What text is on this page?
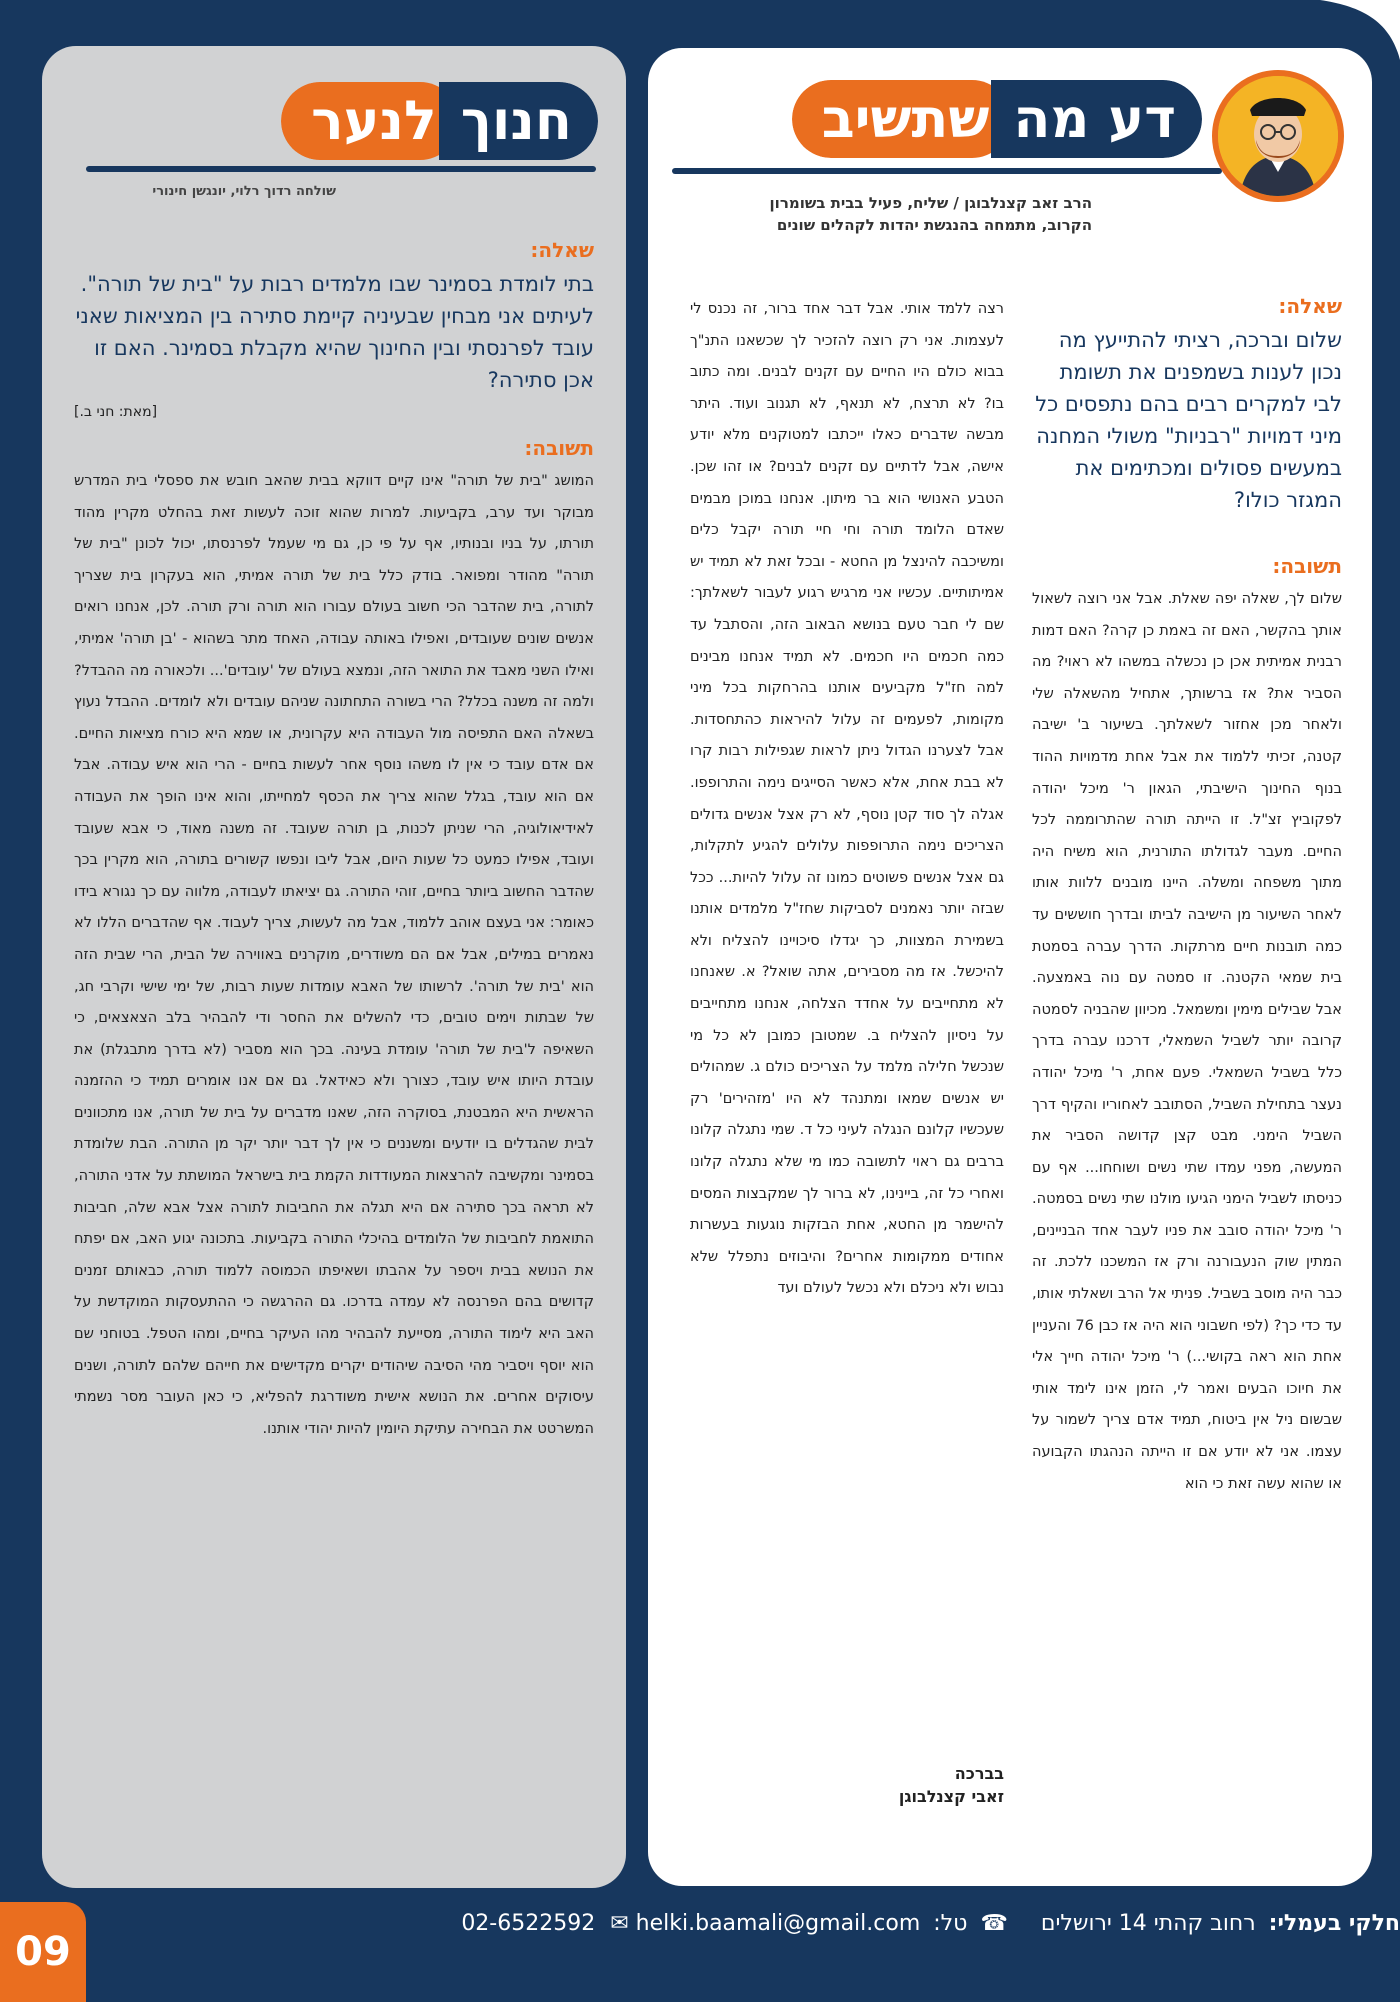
דע מה
שתשיב
הרב זאב קצנלבוגן / שליח, פעיל בבית בשומרון
הקרוב, מתמחה בהנגשת יהדות לקהלים שונים

שאלה:

שלום וברכה, רציתי להתייעץ מה נכון לענות בשמפנים את תשומת לבי למקרים רבים בהם נתפסים כל מיני דמויות "רבניות" משולי המחנה במעשים פסולים ומכתימים את המגזר כולו?

תשובה:

שלום לך, שאלה יפה שאלת. אבל אני רוצה לשאול אותך בהקשר, האם זה באמת כן קרה? האם דמות רבנית אמיתית אכן כן נכשלה במשהו לא ראוי? מה הסביר את? אז ברשותך, אתחיל מהשאלה שלי ולאחר מכן אחזור לשאלתך. בשיעור ב' ישיבה קטנה, זכיתי ללמוד את אבל אחת מדמויות ההוד בנוף החינוך הישיבתי, הגאון ר' מיכל יהודה לפקוביץ זצ"ל. זו הייתה תורה שהתרוממה לכל החיים. מעבר לגדולתו התורנית, הוא משיח היה מתוך משפחה ומשלה. היינו מובנים ללוות אותו לאחר השיעור מן הישיבה לביתו ובדרך חוששים עד כמה תובנות חיים מרתקות. הדרך עברה בסמטת בית שמאי הקטנה. זו סמטה עם נוה באמצעה. אבל שבילים מימין ומשמאל. מכיוון שהבניה לסמטה קרובה יותר לשביל השמאלי, דרכנו עברה בדרך כלל בשביל השמאלי. פעם אחת, ר' מיכל יהודה נעצר בתחילת השביל, הסתובב לאחוריו והקיף דרך השביל הימני. מבט קצן קדושה הסביר את המעשה, מפני עמדו שתי נשים ושוחחו... אף עם כניסתו לשביל הימני הגיעו מולנו שתי נשים בסמטה. ר' מיכל יהודה סובב את פניו לעבר אחד הבניינים, המתין שוק הנעבורנה ורק אז המשכנו ללכת. זה כבר היה מוסב בשביל. פניתי אל הרב ושאלתי אותו, עד כדי כך? (לפי חשבוני הוא היה אז כבן 76 והעניין אחת הוא ראה בקושי...) ר' מיכל יהודה חייך אלי את חיוכו הבעים ואמר לי, הזמן אינו לימד אותי שבשום ניל אין ביטוח, תמיד אדם צריך לשמור על עצמו. אני לא יודע אם זו הייתה הנהגתו הקבועה או שהוא עשה זאת כי הוא

רצה ללמד אותי. אבל דבר אחד ברור, זה נכנס לי לעצמות. אני רק רוצה להזכיר לך שכשאנו התנ"ך בבוא כולם היו החיים עם זקנים לבנים. ומה כתוב בו? לא תרצח, לא תנאף, לא תגנוב ועוד. היתר מבשה שדברים כאלו ייכתבו למטוקנים מלא יודע אישה, אבל לדתיים עם זקנים לבנים? או זהו שכן. הטבע האנושי הוא בר מיתון. אנחנו במוכן מבמים שאדם הלומד תורה וחי חיי תורה יקבל כלים ומשיכבה להינצל מן החטא - ובכל זאת לא תמיד יש אמיתותיים. עכשיו אני מרגיש רגוע לעבור לשאלתך: שם לי חבר טעם בנושא הבאוב הזה, והסתבל עד כמה חכמים היו חכמים. לא תמיד אנחנו מבינים למה חז"ל מקביעים אותנו בהרחקות בכל מיני מקומות, לפעמים זה עלול להיראות כהתחסדות. אבל לצערנו הגדול ניתן לראות שגפילות רבות קרו לא בבת אחת, אלא כאשר הסייגים נימה והתרופפו. אגלה לך סוד קטן נוסף, לא רק אצל אנשים גדולים הצריכים נימה התרופפות עלולים להגיע לתקלות, גם אצל אנשים פשוטים כמונו זה עלול להיות... ככל שבזה יותר נאמנים לסביקות שחז"ל מלמדים אותנו בשמירת המצוות, כך יגדלו סיכויינו להצליח ולא להיכשל. אז מה מסבירים, אתה שואל? א. שאנחנו לא מתחייבים על אחדד הצלחה, אנחנו מתחייבים על ניסיון להצליח ב. שמטובן כמובן לא כל מי שנכשל חלילה מלמד על הצריכים כולם ג. שמהולים יש אנשים שמאו ומתנהד לא היו 'מזהירים' רק שעכשיו קלונם הנגלה לעיני כל ד. שמי נתגלה קלונו ברבים גם ראוי לתשובה כמו מי שלא נתגלה קלונו ואחרי כל זה, ביינינו, לא ברור לך שמקבצות המסים להישמר מן החטא, אחת הבזקות נוגעות בעשרות אחודים ממקומות אחרים? והיבוזים נתפלל שלא נבוש ולא ניכלם ולא נכשל לעולם ועד

בברכה

זאבי קצנלבוגן

חנוך
לנער
שולחה רדוך רלוי, יונגשן חינורי

שאלה:

בתי לומדת בסמינר שבו מלמדים רבות על "בית של תורה". לעיתים אני מבחין שבעיניה קיימת סתירה בין המציאות שאני עובד לפרנסתי ובין החינוך שהיא מקבלת בסמינר. האם זו אכן סתירה?

[מאת: חני ב.]

תשובה:

המושג "בית של תורה" אינו קיים דווקא בבית שהאב חובש את ספסלי בית המדרש מבוקר ועד ערב, בקביעות. למרות שהוא זוכה לעשות זאת בהחלט מקרין מהוד תורתו, על בניו ובנותיו, אף על פי כן, גם מי שעמל לפרנסתו, יכול לכונן "בית של תורה" מהודר ומפואר. בודק כלל בית של תורה אמיתי, הוא בעקרון בית שצריך לתורה, בית שהדבר הכי חשוב בעולם עבורו הוא תורה ורק תורה. לכן, אנחנו רואים אנשים שונים שעובדים, ואפילו באותה עבודה, האחד מתר בשהוא - 'בן תורה' אמיתי, ואילו השני מאבד את התואר הזה, ונמצא בעולם של 'עובדים'... ולכאורה מה ההבדל? ולמה זה משנה בכלל? הרי בשורה התחתונה שניהם עובדים ולא לומדים. ההבדל נעוץ בשאלה האם התפיסה מול העבודה היא עקרונית, או שמא היא כורח מציאות החיים. אם אדם עובד כי אין לו משהו נוסף אחר לעשות בחיים - הרי הוא איש עבודה. אבל אם הוא עובד, בגלל שהוא צריך את הכסף למחייתו, והוא אינו הופך את העבודה לאידיאולוגיה, הרי שניתן לכנות, בן תורה שעובד. זה משנה מאוד, כי אבא שעובד ועובד, אפילו כמעט כל שעות היום, אבל ליבו ונפשו קשורים בתורה, הוא מקרין בכך שהדבר החשוב ביותר בחיים, זוהי התורה. גם יציאתו לעבודה, מלווה עם כך נגורא בידו כאומר: אני בעצם אוהב ללמוד, אבל מה לעשות, צריך לעבוד. אף שהדברים הללו לא נאמרים במילים, אבל אם הם משודרים, מוקרנים באווירה של הבית, הרי שבית הזה הוא 'בית של תורה'. לרשותו של האבא עומדות שעות רבות, של ימי שישי וקרבי חג, של שבתות וימים טובים, כדי להשלים את החסר ודי להבהיר בלב הצאצאים, כי השאיפה ל'בית של תורה' עומדת בעינה. בכך הוא מסביר (לא בדרך מתבגלת) את עובדת היותו איש עובד, כצורך ולא כאידאל. גם אם אנו אומרים תמיד כי ההזמנה הראשית היא המבטנת, בסוקרה הזה, שאנו מדברים על בית של תורה, אנו מתכוונים לבית שהגדלים בו יודעים ומשננים כי אין לך דבר יותר יקר מן התורה. הבת שלומדת בסמינר ומקשיבה להרצאות המעודדות הקמת בית בישראל המושתת על אדני התורה, לא תראה בכך סתירה אם היא תגלה את החביבות לתורה אצל אבא שלה, חביבות התואמת לחביבות של הלומדים בהיכלי התורה בקביעות. בתכונה יגוע האב, אם יפתח את הנושא בבית ויספר על אהבתו ושאיפתו הכמוסה ללמוד תורה, כבאותם זמנים קדושים בהם הפרנסה לא עמדה בדרכו. גם ההרגשה כי ההתעסקות המוקדשת על האב היא לימוד התורה, מסייעת להבהיר מהו העיקר בחיים, ומהו הטפל. בטוחני שם הוא יוסף ויסביר מהי הסיבה שיהודים יקרים מקדישים את חייהם שלהם לתורה, ושנים עיסוקים אחרים. את הנושא אישית משודרגת להפליא, כי כאן העובר מסר נשמתי המשרטט את הבחירה עתיקת היומין להיות יהודי אותנו.

חלקי בעמלי: רחוב קהתי 14 ירושלים ☎ טל: 02-6522592 ✉ helki.baamali@gmail.com
09
